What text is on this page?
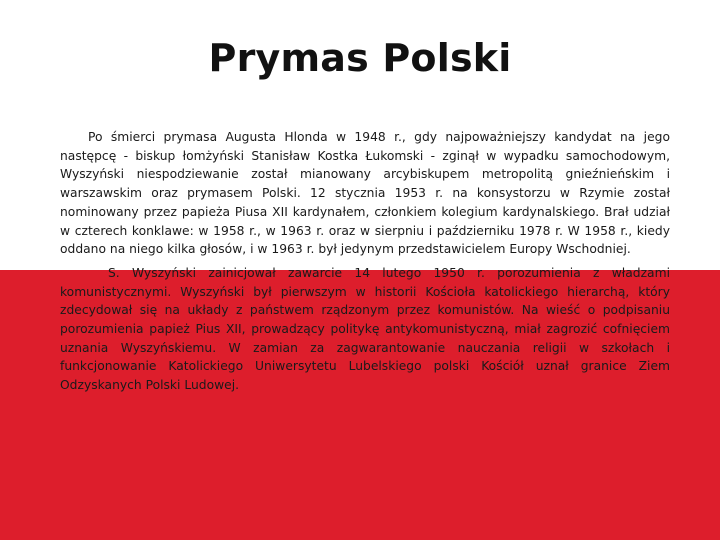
Prymas Polski

Po śmierci prymasa Augusta Hlonda w 1948 r., gdy najpoważniejszy kandydat na jego następcę - biskup łomżyński Stanisław Kostka Łukomski - zginął w wypadku samochodowym, Wyszyński niespodziewanie został mianowany arcybiskupem metropolitą gnieźnieńskim i warszawskim oraz prymasem Polski. 12 stycznia 1953 r. na konsystorzu w Rzymie został nominowany przez papieża Piusa XII kardynałem, członkiem kolegium kardynalskiego. Brał udział w czterech konklawe: w 1958 r., w 1963 r. oraz w sierpniu i październiku 1978 r. W 1958 r., kiedy oddano na niego kilka głosów, i w 1963 r. był jedynym przedstawicielem Europy Wschodniej.

S. Wyszyński zainicjował zawarcie 14 lutego 1950 r. porozumienia z władzami komunistycznymi. Wyszyński był pierwszym w historii Kościoła katolickiego hierarchą, który zdecydował się na układy z państwem rządzonym przez komunistów. Na wieść o podpisaniu porozumienia papież Pius XII, prowadzący politykę antykomunistyczną, miał zagrozić cofnięciem uznania Wyszyńskiemu. W zamian za zagwarantowanie nauczania religii w szkołach i funkcjonowanie Katolickiego Uniwersytetu Lubelskiego polski Kościół uznał granice Ziem Odzyskanych Polski Ludowej.
